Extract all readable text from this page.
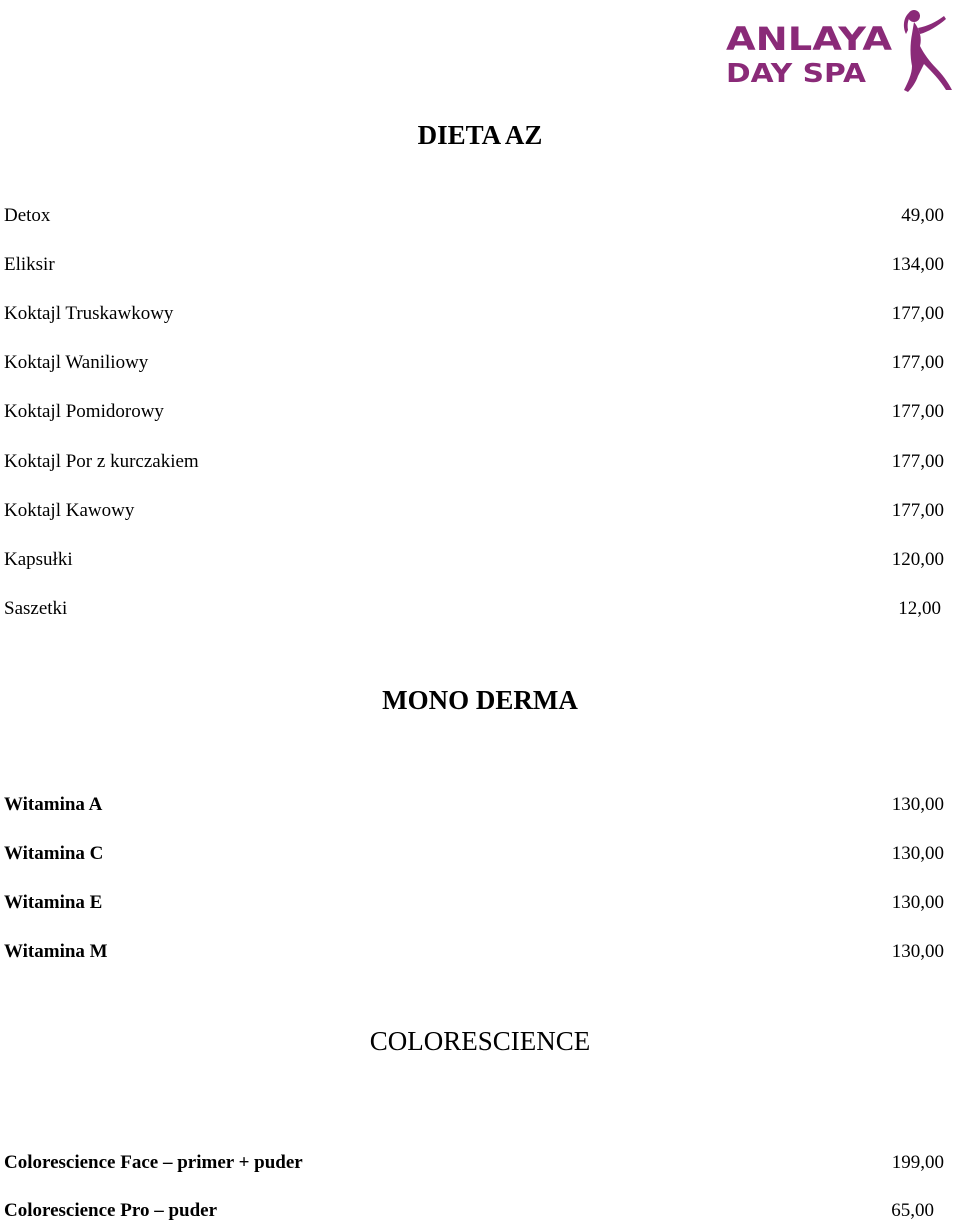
ANLAYA
DAY SPA
DIETA AZ
Detox	49,00
Eliksir	134,00
Koktajl Truskawkowy	177,00
Koktajl Waniliowy	177,00
Koktajl Pomidorowy	177,00
Koktajl Por z kurczakiem	177,00
Koktajl Kawowy	177,00
Kapsułki	120,00
Saszetki	12,00
MONO DERMA
Witamina A	130,00
Witamina C	130,00
Witamina E	130,00
Witamina M	130,00
COLORESCIENCE
Colorescience Face – primer + puder	199,00
Colorescience Pro – puder	65,00
